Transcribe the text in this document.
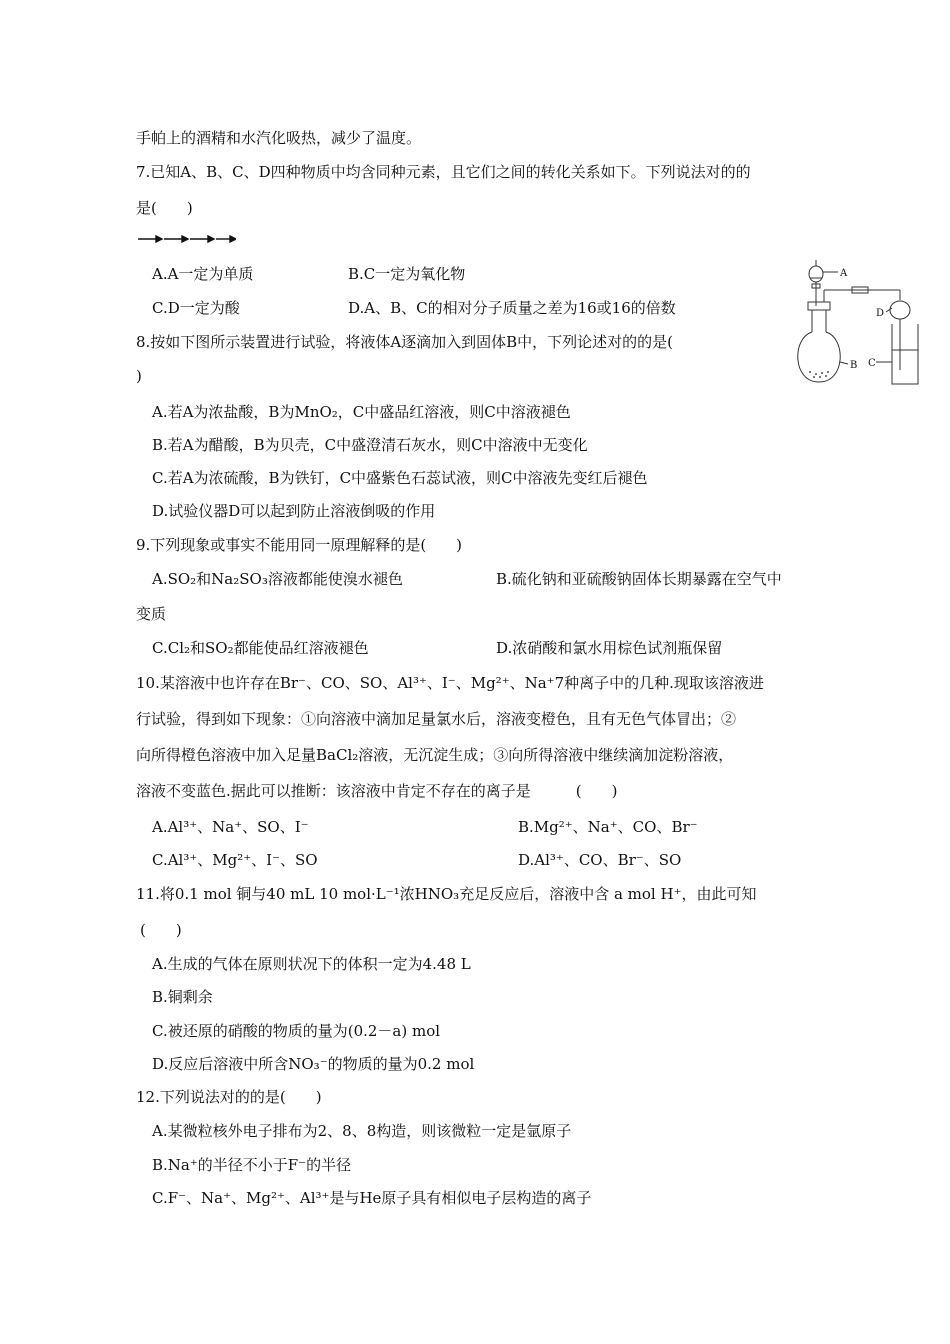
手帕上的酒精和水汽化吸热，减少了温度。
7.已知A、B、C、D四种物质中均含同种元素，且它们之间的转化关系如下。下列说法对的的
是(　　)
A.A一定为单质	B.C一定为氧化物
C.D一定为酸	D.A、B、C的相对分子质量之差为16或16的倍数
A
B C
D
8.按如下图所示装置进行试验，将液体A逐滴加入到固体B中，下列论述对的的是(
)
A.若A为浓盐酸，B为MnO₂，C中盛品红溶液，则C中溶液褪色
B.若A为醋酸，B为贝壳，C中盛澄清石灰水，则C中溶液中无变化
C.若A为浓硫酸，B为铁钉，C中盛紫色石蕊试液，则C中溶液先变红后褪色
D.试验仪器D可以起到防止溶液倒吸的作用
9.下列现象或事实不能用同一原理解释的是(　　)
A.SO₂和Na₂SO₃溶液都能使溴水褪色	B.硫化钠和亚硫酸钠固体长期暴露在空气中
变质
C.Cl₂和SO₂都能使品红溶液褪色	D.浓硝酸和氯水用棕色试剂瓶保留
10.某溶液中也许存在Br⁻、CO、SO、Al³⁺、I⁻、Mg²⁺、Na⁺7种离子中的几种.现取该溶液进
行试验，得到如下现象：①向溶液中滴加足量氯水后，溶液变橙色，且有无色气体冒出；②
向所得橙色溶液中加入足量BaCl₂溶液，无沉淀生成；③向所得溶液中继续滴加淀粉溶液，
溶液不变蓝色.据此可以推断：该溶液中肯定不存在的离子是　　　(　　)
A.Al³⁺、Na⁺、SO、I⁻	B.Mg²⁺、Na⁺、CO、Br⁻
C.Al³⁺、Mg²⁺、I⁻、SO	D.Al³⁺、CO、Br⁻、SO
11.将0.1 mol 铜与40 mL 10 mol·L⁻¹浓HNO₃充足反应后，溶液中含 a mol H⁺，由此可知
(　　)
A.生成的气体在原则状况下的体积一定为4.48 L
B.铜剩余
C.被还原的硝酸的物质的量为(0.2－a) mol
D.反应后溶液中所含NO₃⁻的物质的量为0.2 mol
12.下列说法对的的是(　　)
A.某微粒核外电子排布为2、8、8构造，则该微粒一定是氩原子
B.Na⁺的半径不小于F⁻的半径
C.F⁻、Na⁺、Mg²⁺、Al³⁺是与He原子具有相似电子层构造的离子
